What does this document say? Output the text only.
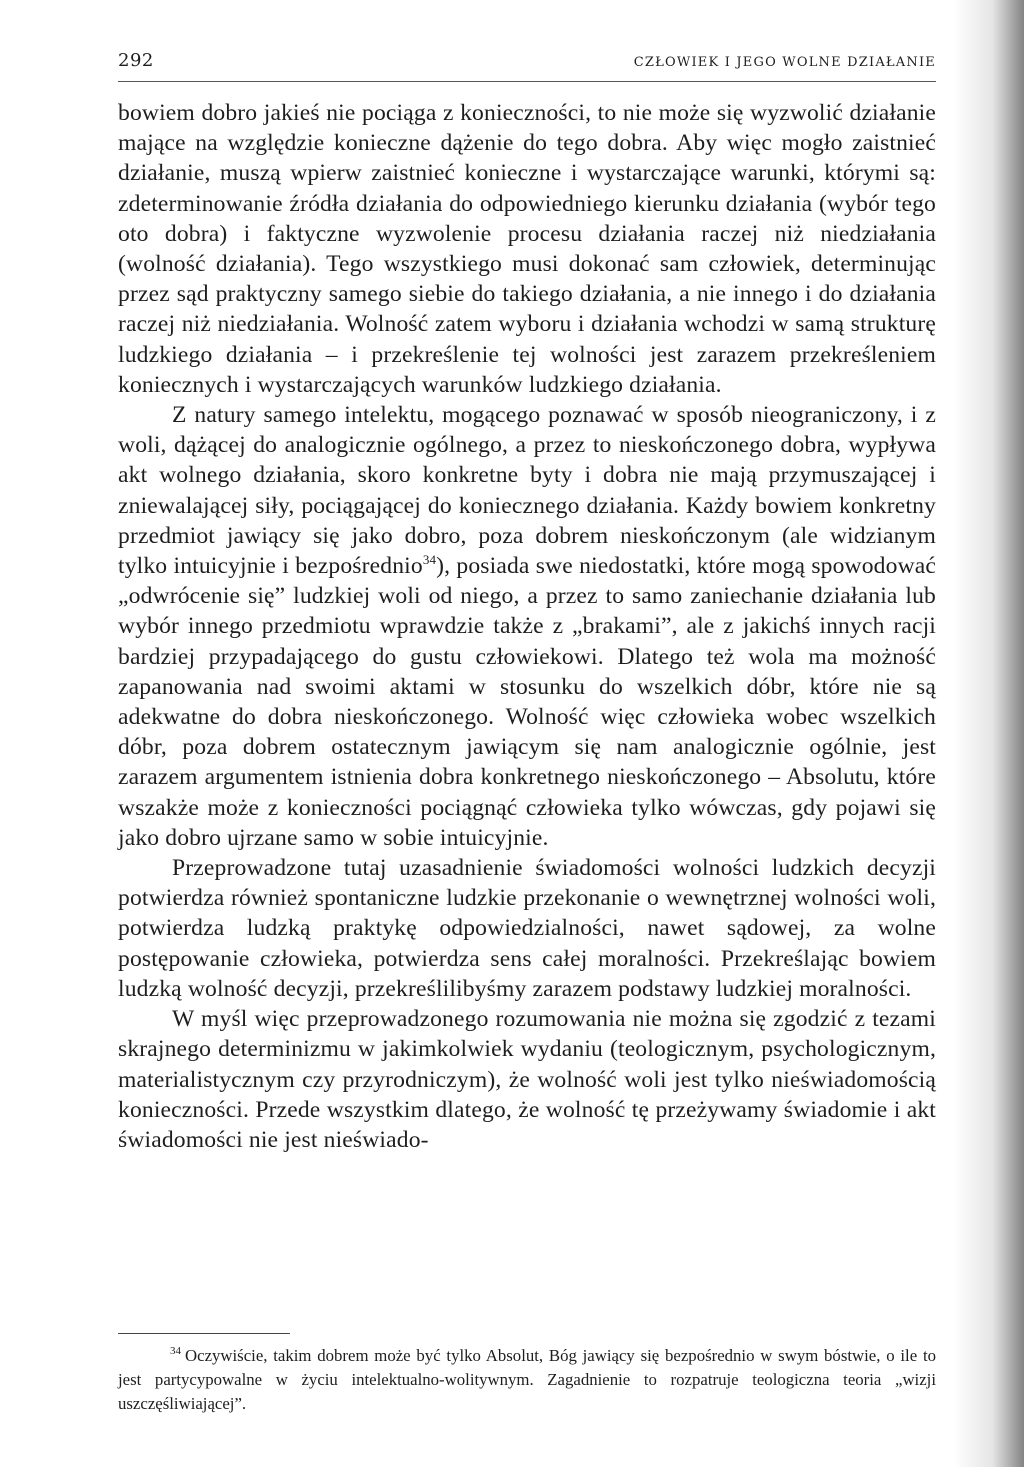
292	CZŁOWIEK I JEGO WOLNE DZIAŁANIE

bowiem dobro jakieś nie pociąga z konieczności, to nie może się wyzwolić działanie mające na względzie konieczne dążenie do tego dobra. Aby więc mogło zaistnieć działanie, muszą wpierw zaistnieć konieczne i wystarczające warunki, którymi są: zdeterminowanie źródła działania do odpowiedniego kierunku działania (wybór tego oto dobra) i faktyczne wyzwolenie procesu działania raczej niż niedziałania (wolność działania). Tego wszystkiego musi dokonać sam człowiek, determinując przez sąd praktyczny samego siebie do takiego działania, a nie innego i do działania raczej niż niedziałania. Wolność zatem wyboru i działania wchodzi w samą strukturę ludzkiego działania – i przekreślenie tej wolności jest zarazem przekreśleniem koniecznych i wystarczających warunków ludzkiego działania.

Z natury samego intelektu, mogącego poznawać w sposób nieograniczony, i z woli, dążącej do analogicznie ogólnego, a przez to nieskończonego dobra, wypływa akt wolnego działania, skoro konkretne byty i dobra nie mają przymuszającej i zniewalającej siły, pociągającej do koniecznego działania. Każdy bowiem konkretny przedmiot jawiący się jako dobro, poza dobrem nieskończonym (ale widzianym tylko intuicyjnie i bezpośrednio$^{34}$), posiada swe niedostatki, które mogą spowodować „odwrócenie się” ludzkiej woli od niego, a przez to samo zaniechanie działania lub wybór innego przedmiotu wprawdzie także z „brakami”, ale z jakichś innych racji bardziej przypadającego do gustu człowiekowi. Dlatego też wola ma możność zapanowania nad swoimi aktami w stosunku do wszelkich dóbr, które nie są adekwatne do dobra nieskończonego. Wolność więc człowieka wobec wszelkich dóbr, poza dobrem ostatecznym jawiącym się nam analogicznie ogólnie, jest zarazem argumentem istnienia dobra konkretnego nieskończonego – Absolutu, które wszakże może z konieczności pociągnąć człowieka tylko wówczas, gdy pojawi się jako dobro ujrzane samo w sobie intuicyjnie.

Przeprowadzone tutaj uzasadnienie świadomości wolności ludzkich decyzji potwierdza również spontaniczne ludzkie przekonanie o wewnętrznej wolności woli, potwierdza ludzką praktykę odpowiedzialności, nawet sądowej, za wolne postępowanie człowieka, potwierdza sens całej moralności. Przekreślając bowiem ludzką wolność decyzji, przekreślilibyśmy zarazem podstawy ludzkiej moralności.

W myśl więc przeprowadzonego rozumowania nie można się zgodzić z tezami skrajnego determinizmu w jakimkolwiek wydaniu (teologicznym, psychologicznym, materialistycznym czy przyrodniczym), że wolność woli jest tylko nieświadomością konieczności. Przede wszystkim dlatego, że wolność tę przeżywamy świadomie i akt świadomości nie jest nieświado-

$^{34}$ Oczywiście, takim dobrem może być tylko Absolut, Bóg jawiący się bezpośrednio w swym bóstwie, o ile to jest partycypowalne w życiu intelektualno-wolitywnym. Zagadnienie to rozpatruje teologiczna teoria „wizji uszczęśliwiającej”.
